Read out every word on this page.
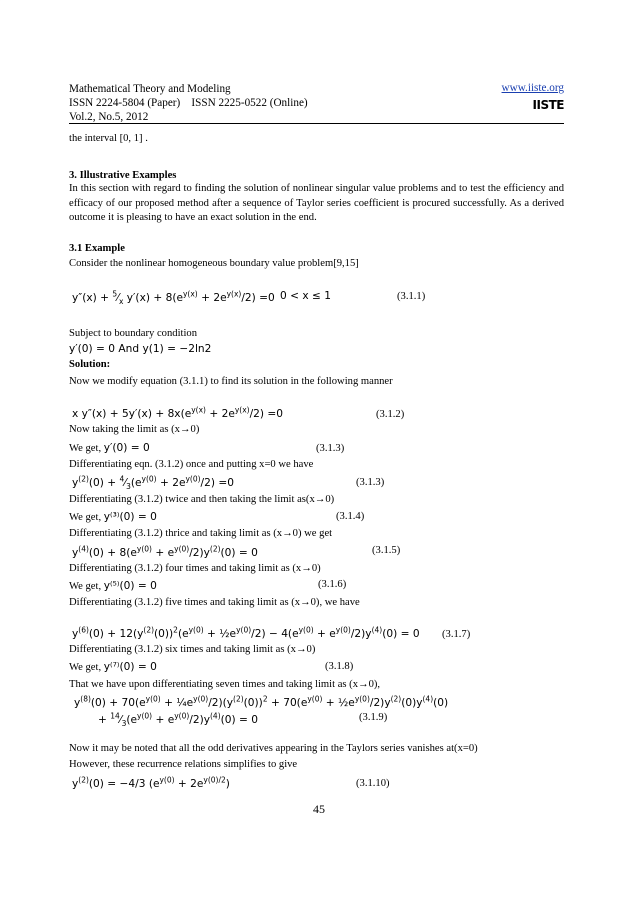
Mathematical Theory and Modeling
ISSN 2224-5804 (Paper)    ISSN 2225-0522 (Online)
Vol.2, No.5, 2012
www.iiste.org
IISTE
the interval [0, 1] .
3. Illustrative Examples
In this section with regard to finding the solution of nonlinear singular value problems and to test the efficiency and efficacy of our proposed method after a sequence of Taylor series coefficient is procured successfully. As a derived outcome it is pleasing to have an exact solution in the end.
3.1 Example
Consider the nonlinear homogeneous boundary value problem[9,15]
$y''(x) + ^5⁄_x$ $y'(x) + 8(e^{y(x)} + 2e^{y(x)}/2) =0$ 0 < x ≤ 1	(3.1.1)
Subject to boundary condition
y′(0) = 0 And y(1) = −2ln2
Solution:
Now we modify equation (3.1.1) to find its solution in the following manner
x $y''(x) + 5y'(x) + 8x(e^{y(x)} + 2e^{y(x)}/2) =0$	(3.1.2)
Now taking the limit as (x→0)
We get, y′(0) = 0	(3.1.3)
Differentiating eqn. (3.1.2) once and putting x=0 we have
$y^{(2)}(0)$ + $^4⁄_3(e^{y(0)} + 2e^{y(0)}/2) =0$	(3.1.3)
Differentiating (3.1.2) twice and then taking the limit as(x→0)
We get, y⁽³⁾(0) = 0	(3.1.4)
Differentiating (3.1.2) thrice and taking limit as (x→0) we get
$y^{(4)}(0) + 8(e^{y(0)} + e^{y(0)}/2)y^{(2)}(0) = 0$	(3.1.5)
Differentiating (3.1.2) four times and taking limit as (x→0)
We get, y⁽⁵⁾(0) = 0	(3.1.6)
Differentiating (3.1.2) five times and taking limit as (x→0), we have
$y^{(6)}(0) + 12(y^{(2)}(0))^2(e^{y(0)}$ + $\frac{1}{2}e^{y(0)}/2) - 4(e^{y(0)} + e^{y(0)}/2)y^{(4)}(0) = 0$ (3.1.7)
Differentiating (3.1.2) six times and taking limit as (x→0)
We get, y⁽⁷⁾(0) = 0	(3.1.8)
That we have upon differentiating seven times and taking limit as (x→0),
$y^{(8)}(0) + 70(e^{y(0)}$ + $\frac{1}{4}e^{y(0)}/2)(y^{(2)}(0))^2 + 70(e^{y(0)}$ + $\frac{1}{2}e^{y(0)}/2)y^{(2)}(0)y^{(4)}(0)$
+ $^{14}⁄_3(e^{y(0)} + e^{y(0)}/2)y^{(4)}(0) = 0$	(3.1.9)
Now it may be noted that all the odd derivatives appearing in the Taylors series vanishes at(x=0)
However, these recurrence relations simplifies to give
$y^{(2)}(0) = -4/3$ $(e^{y(0)} + 2e^{y(0)/2})$	(3.1.10)
45
